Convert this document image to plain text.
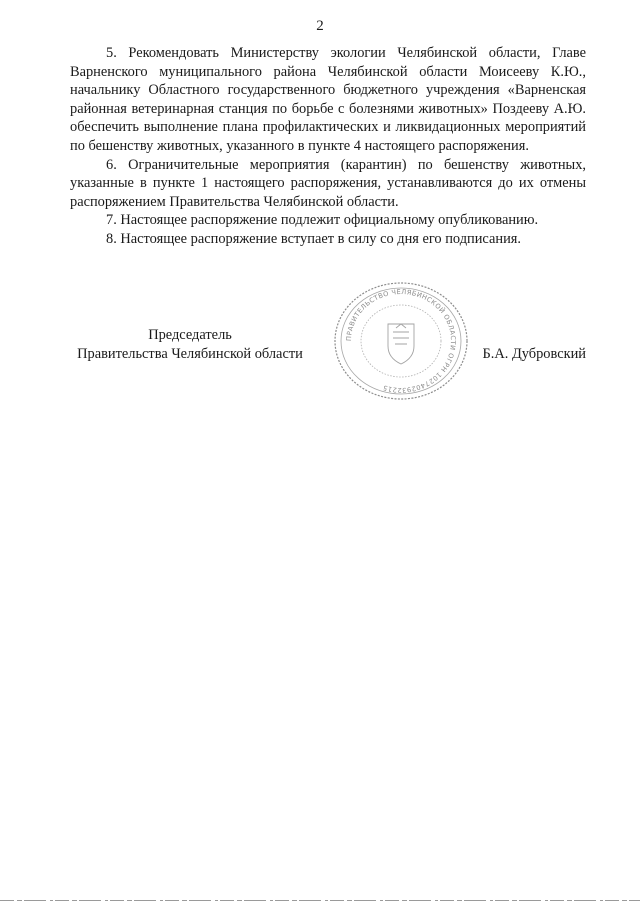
2

5. Рекомендовать Министерству экологии Челябинской области, Главе Варненского муниципального района Челябинской области Моисееву К.Ю., начальнику Областного государственного бюджетного учреждения «Варненская районная ветеринарная станция по борьбе с болезнями животных» Поздееву А.Ю. обеспечить выполнение плана профилактических и ликвидационных мероприятий по бешенству животных, указанного в пункте 4 настоящего распоряжения.

6. Ограничительные мероприятия (карантин) по бешенству животных, указанные в пункте 1 настоящего распоряжения, устанавливаются до их отмены распоряжением Правительства Челябинской области.

7. Настоящее распоряжение подлежит официальному опубликованию.

8. Настоящее распоряжение вступает в силу со дня его подписания.

ПРАВИТЕЛЬСТВО ЧЕЛЯБИНСКОЙ ОБЛАСТИ ОГРН 1027402932215
Председатель
Правительства Челябинской области	Б.А. Дубровский
